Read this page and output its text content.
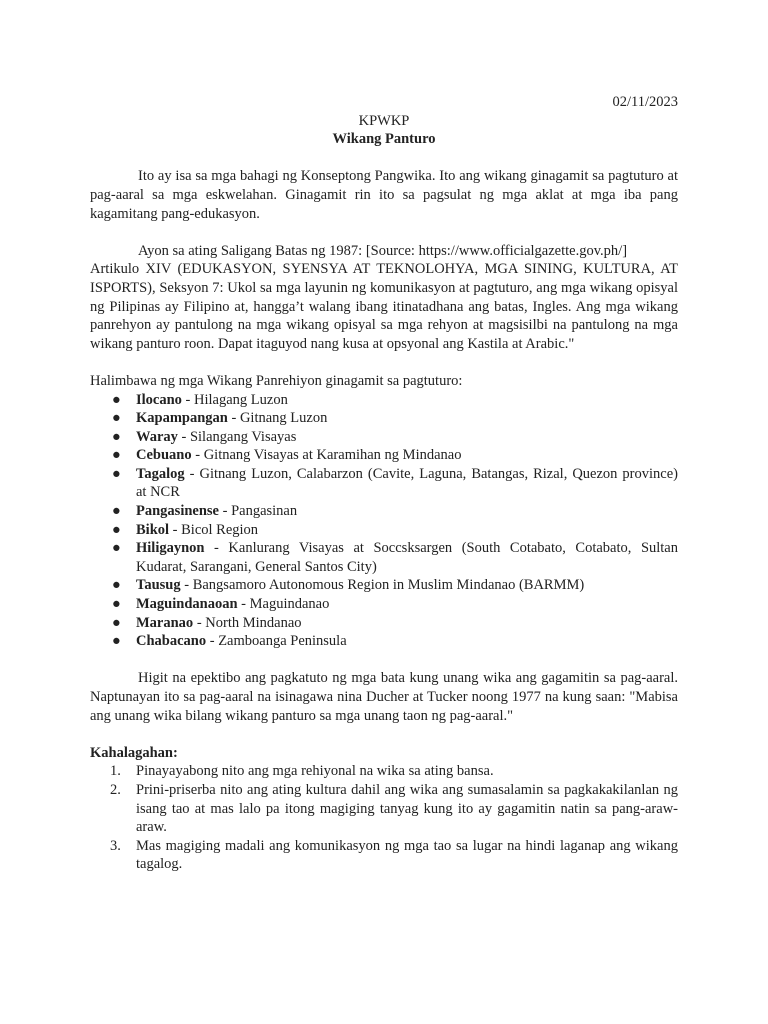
02/11/2023
KPWKP
Wikang Panturo

Ito ay isa sa mga bahagi ng Konseptong Pangwika. Ito ang wikang ginagamit sa pagtuturo at pag-aaral sa mga eskwelahan. Ginagamit rin ito sa pagsulat ng mga aklat at mga iba pang kagamitang pang-edukasyon.

Ayon sa ating Saligang Batas ng 1987: [Source: https://www.officialgazette.gov.ph/]

Artikulo XIV (EDUKASYON, SYENSYA AT TEKNOLOHYA, MGA SINING, KULTURA, AT ISPORTS), Seksyon 7: Ukol sa mga layunin ng komunikasyon at pagtuturo, ang mga wikang opisyal ng Pilipinas ay Filipino at, hangga’t walang ibang itinatadhana ang batas, Ingles. Ang mga wikang panrehyon ay pantulong na mga wikang opisyal sa mga rehyon at magsisilbi na pantulong na mga wikang panturo roon. Dapat itaguyod nang kusa at opsyonal ang Kastila at Arabic."

Halimbawa ng mga Wikang Panrehiyon ginagamit sa pagtuturo:

● Ilocano - Hilagang Luzon
● Kapampangan - Gitnang Luzon
● Waray - Silangang Visayas
● Cebuano - Gitnang Visayas at Karamihan ng Mindanao
● Tagalog - Gitnang Luzon, Calabarzon (Cavite, Laguna, Batangas, Rizal, Quezon province) at NCR
● Pangasinense - Pangasinan
● Bikol - Bicol Region
● Hiligaynon - Kanlurang Visayas at Soccsksargen (South Cotabato, Cotabato, Sultan Kudarat, Sarangani, General Santos City)
● Tausug - Bangsamoro Autonomous Region in Muslim Mindanao (BARMM)
● Maguindanaoan - Maguindanao
● Maranao - North Mindanao
● Chabacano - Zamboanga Peninsula

Higit na epektibo ang pagkatuto ng mga bata kung unang wika ang gagamitin sa pag-aaral. Naptunayan ito sa pag-aaral na isinagawa nina Ducher at Tucker noong 1977 na kung saan: "Mabisa ang unang wika bilang wikang panturo sa mga unang taon ng pag-aaral."

Kahalagahan:

1. Pinayayabong nito ang mga rehiyonal na wika sa ating bansa.
2. Prini-priserba nito ang ating kultura dahil ang wika ang sumasalamin sa pagkakakilanlan ng isang tao at mas lalo pa itong magiging tanyag kung ito ay gagamitin natin sa pang-araw-araw.
3. Mas magiging madali ang komunikasyon ng mga tao sa lugar na hindi laganap ang wikang tagalog.
